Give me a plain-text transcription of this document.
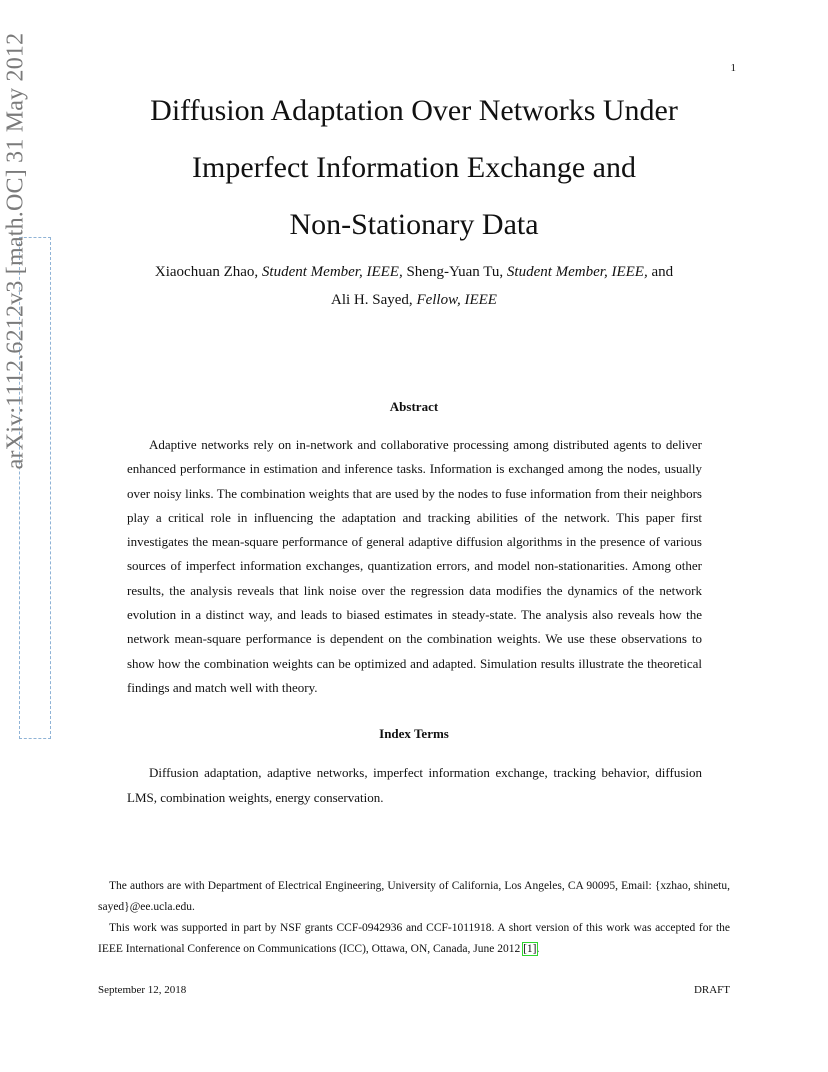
1
arXiv:1112.6212v3 [math.OC] 31 May 2012	Diffusion Adaptation Over Networks Under
Imperfect Information Exchange and
Non-Stationary Data
Xiaochuan Zhao, Student Member, IEEE, Sheng-Yuan Tu, Student Member, IEEE, and
Ali H. Sayed, Fellow, IEEE
Abstract

Adaptive networks rely on in-network and collaborative processing among distributed agents to deliver enhanced performance in estimation and inference tasks. Information is exchanged among the nodes, usually over noisy links. The combination weights that are used by the nodes to fuse information from their neighbors play a critical role in influencing the adaptation and tracking abilities of the network. This paper first investigates the mean-square performance of general adaptive diffusion algorithms in the presence of various sources of imperfect information exchanges, quantization errors, and model non-stationarities. Among other results, the analysis reveals that link noise over the regression data modifies the dynamics of the network evolution in a distinct way, and leads to biased estimates in steady-state. The analysis also reveals how the network mean-square performance is dependent on the combination weights. We use these observations to show how the combination weights can be optimized and adapted. Simulation results illustrate the theoretical findings and match well with theory.

Index Terms

Diffusion adaptation, adaptive networks, imperfect information exchange, tracking behavior, diffusion LMS, combination weights, energy conservation.

The authors are with Department of Electrical Engineering, University of California, Los Angeles, CA 90095, Email: {xzhao, shinetu, sayed}@ee.ucla.edu.

This work was supported in part by NSF grants CCF-0942936 and CCF-1011918. A short version of this work was accepted for the IEEE International Conference on Communications (ICC), Ottawa, ON, Canada, June 2012 [1].

September 12, 2018	DRAFT
